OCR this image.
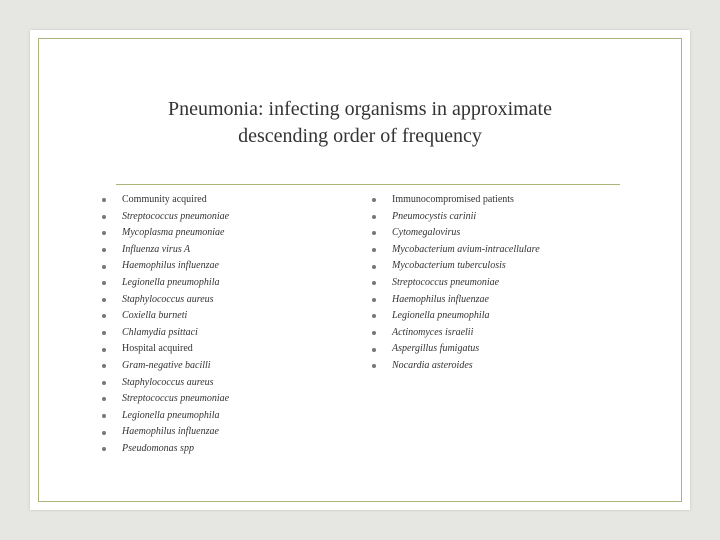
Pneumonia: infecting organisms in approximate
descending order of frequency
Community acquired
Streptococcus pneumoniae
Mycoplasma pneumoniae
Influenza virus A
Haemophilus influenzae
Legionella pneumophila
Staphylococcus aureus
Coxiella burneti
Chlamydia psittaci
Hospital acquired
Gram-negative bacilli
Staphylococcus aureus
Streptococcus pneumoniae
Legionella pneumophila
Haemophilus influenzae
Pseudomonas spp
Immunocompromised patients
Pneumocystis carinii
Cytomegalovirus
Mycobacterium avium-intracellulare
Mycobacterium tuberculosis
Streptococcus pneumoniae
Haemophilus influenzae
Legionella pneumophila
Actinomyces israelii
Aspergillus fumigatus
Nocardia asteroides
